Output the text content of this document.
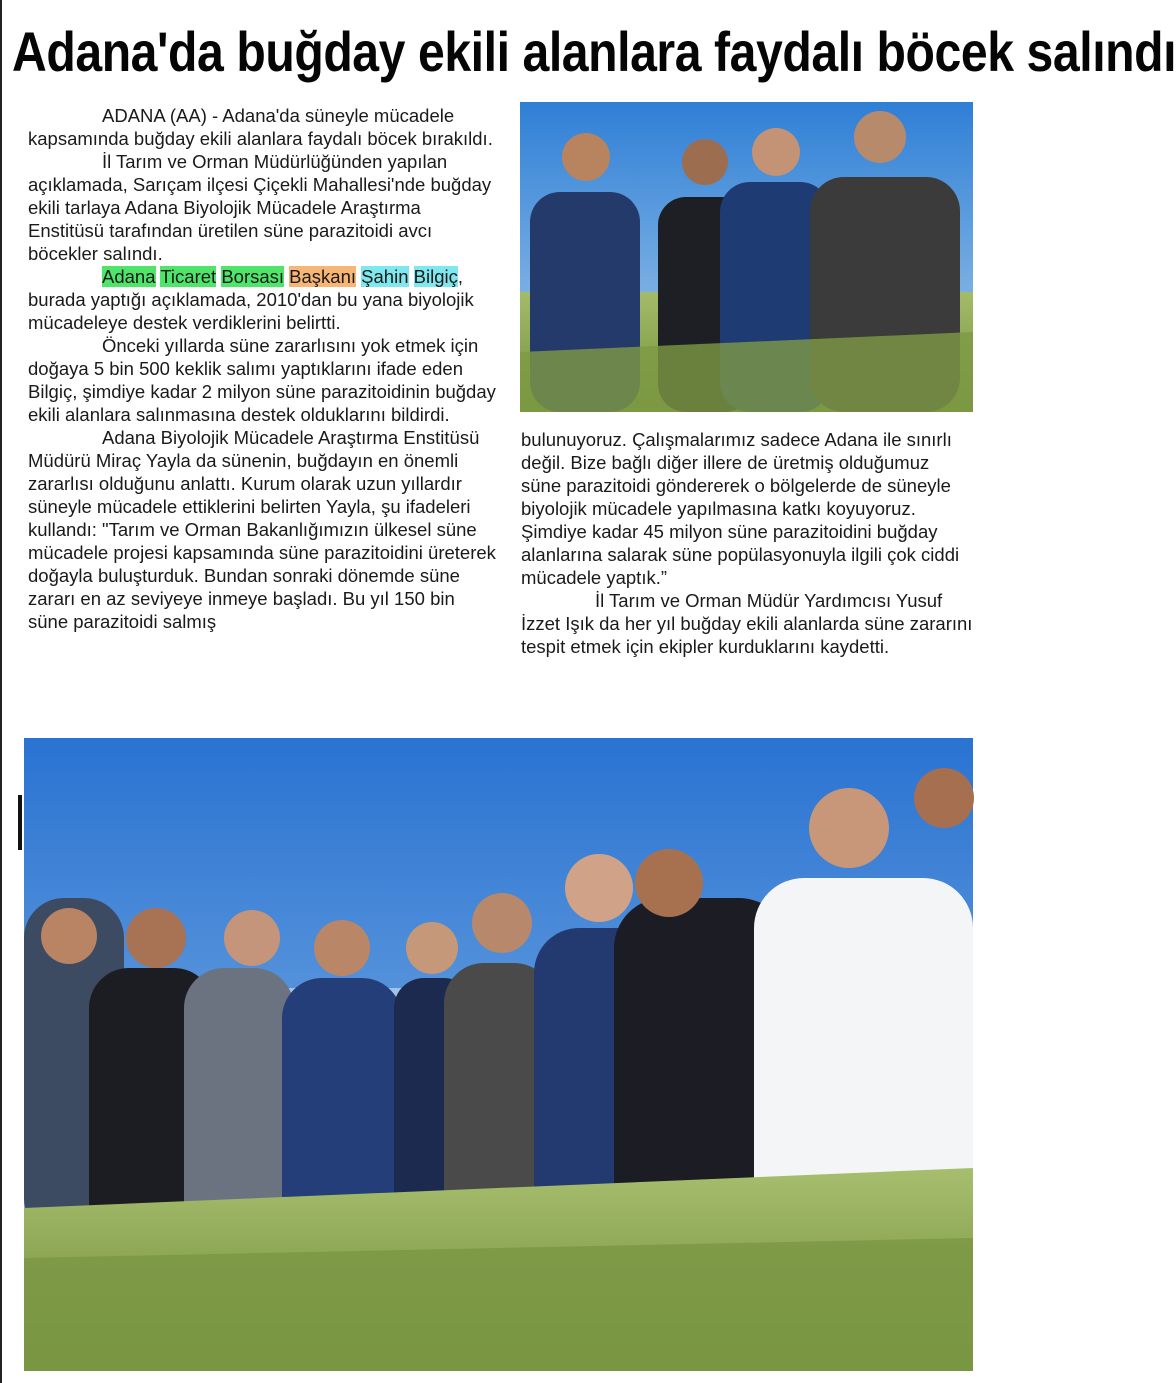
Adana'da buğday ekili alanlara faydalı böcek salındı

ADANA (AA) - Adana'da süneyle mücadele kapsamında buğday ekili alanlara faydalı böcek bırakıldı.

İl Tarım ve Orman Müdürlüğünden yapılan açıklamada, Sarıçam ilçesi Çiçekli Mahallesi'nde buğday ekili tarlaya Adana Biyolojik Mücadele Araştırma Enstitüsü tarafından üretilen süne parazitoidi avcı böcekler salındı.

Adana Ticaret Borsası Başkanı Şahin Bilgiç, burada yaptığı açıklamada, 2010'dan bu yana biyolojik mücadeleye destek verdiklerini belirtti.

Önceki yıllarda süne zararlısını yok etmek için doğaya 5 bin 500 keklik salımı yaptıklarını ifade eden Bilgiç, şimdiye kadar 2 milyon süne parazitoidinin buğday ekili alanlara salınmasına destek olduklarını bildirdi.

Adana Biyolojik Mücadele Araştırma Enstitüsü Müdürü Miraç Yayla da sünenin, buğdayın en önemli zararlısı olduğunu anlattı. Kurum olarak uzun yıllardır süneyle mücadele ettiklerini belirten Yayla, şu ifadeleri kullandı: "Tarım ve Orman Bakanlığımızın ülkesel süne mücadele projesi kapsamında süne parazitoidini üreterek doğayla buluşturduk. Bundan sonraki dönemde süne zararı en az seviyeye inmeye başladı. Bu yıl 150 bin süne parazitoidi salmış

bulunuyoruz. Çalışmalarımız sadece Adana ile sınırlı değil. Bize bağlı diğer illere de üretmiş olduğumuz süne parazitoidi göndererek o bölgelerde de süneyle biyolojik mücadele yapılmasına katkı koyuyoruz. Şimdiye kadar 45 milyon süne parazitoidini buğday alanlarına salarak süne popülasyonuyla ilgili çok ciddi mücadele yaptık.”

İl Tarım ve Orman Müdür Yardımcısı Yusuf İzzet Işık da her yıl buğday ekili alanlarda süne zararını tespit etmek için ekipler kurduklarını kaydetti.
